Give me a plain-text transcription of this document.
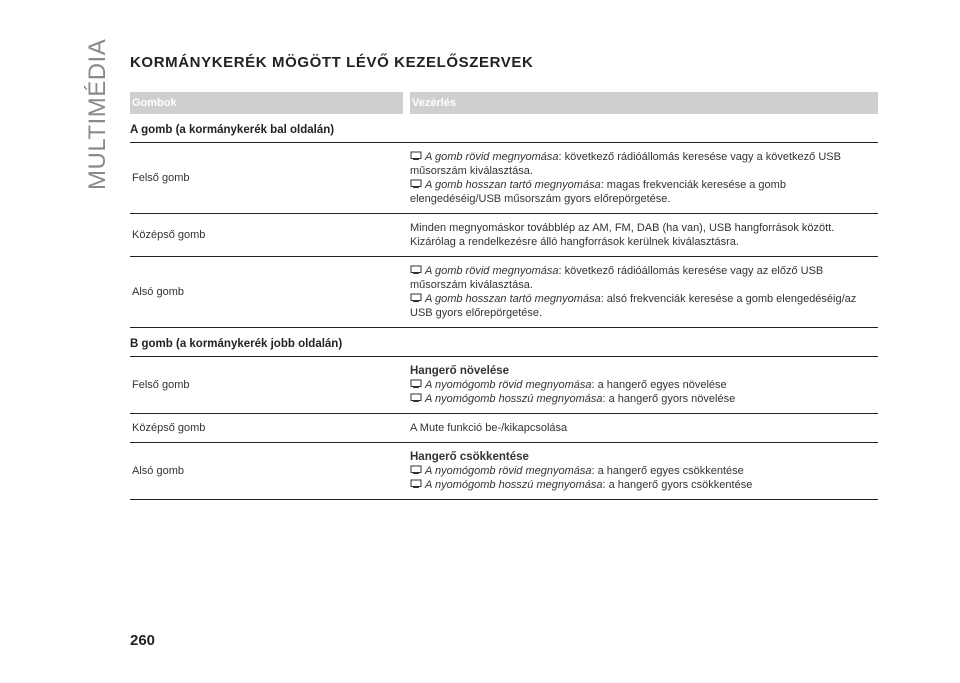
MULTIMÉDIA KORMÁNYKERÉK MÖGÖTT LÉVŐ KEZELŐSZERVEK
Gombok	Vezérlés
A gomb (a kormánykerék bal oldalán)
Felső gomb
A gomb rövid megnyomása: következő rádióállomás keresése vagy a következő USB műsorszám kiválasztása.
A gomb hosszan tartó megnyomása: magas frekvenciák keresése a gomb elengedéséig/USB műsorszám gyors előrepörgetése.
Középső gomb
Minden megnyomáskor továbblép az AM, FM, DAB (ha van), USB hangforrások között. Kizárólag a rendelkezésre álló hangforrások kerülnek kiválasztásra.
Alsó gomb
A gomb rövid megnyomása: következő rádióállomás keresése vagy az előző USB műsorszám kiválasztása.
A gomb hosszan tartó megnyomása: alsó frekvenciák keresése a gomb elengedéséig/az USB gyors előrepörgetése.
B gomb (a kormánykerék jobb oldalán)
Felső gomb
Hangerő növelése
A nyomógomb rövid megnyomása: a hangerő egyes növelése
A nyomógomb hosszú megnyomása: a hangerő gyors növelése
Középső gomb	A Mute funkció be-/kikapcsolása
Alsó gomb
Hangerő csökkentése
A nyomógomb rövid megnyomása: a hangerő egyes csökkentése
A nyomógomb hosszú megnyomása: a hangerő gyors csökkentése
260
